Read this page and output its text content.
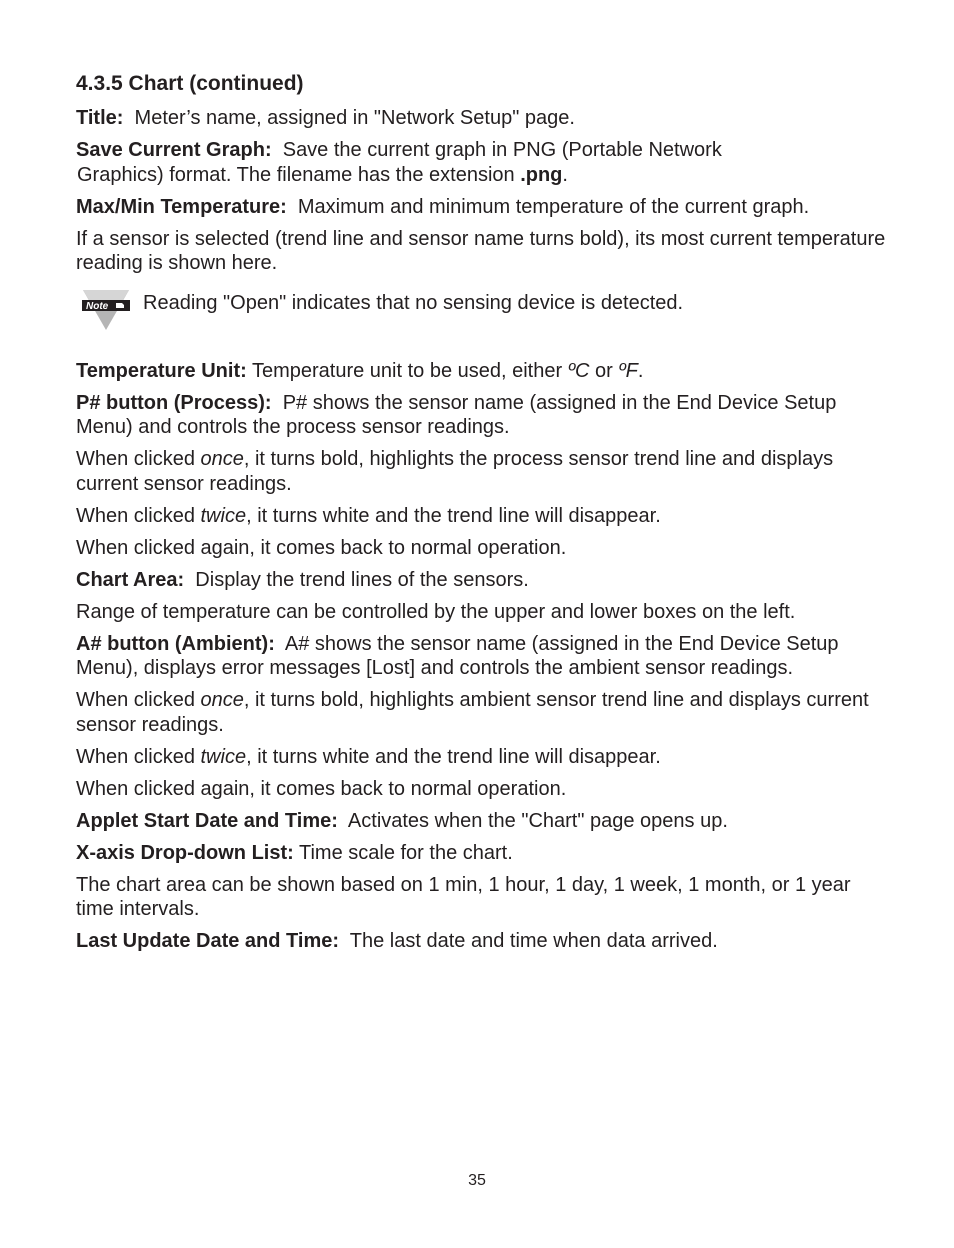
4.3.5 Chart (continued)

Title:  Meter’s name, assigned in "Network Setup" page.

Save Current Graph:  Save the current graph in PNG (Portable Network
Graphics) format. The filename has the extension .png.

Max/Min Temperature:  Maximum and minimum temperature of the current graph.

If a sensor is selected (trend line and sensor name turns bold), its most current temperature reading is shown here.

Note Reading "Open" indicates that no sensing device is detected.

Temperature Unit: Temperature unit to be used, either ºC or ºF.

P# button (Process):  P# shows the sensor name (assigned in the End Device Setup Menu) and controls the process sensor readings.

When clicked once, it turns bold, highlights the process sensor trend line and displays current sensor readings.

When clicked twice, it turns white and the trend line will disappear.

When clicked again, it comes back to normal operation.

Chart Area:  Display the trend lines of the sensors.

Range of temperature can be controlled by the upper and lower boxes on the left.

A# button (Ambient):  A# shows the sensor name (assigned in the End Device Setup Menu), displays error messages [Lost] and controls the ambient sensor readings.

When clicked once, it turns bold, highlights ambient sensor trend line and displays current sensor readings.

When clicked twice, it turns white and the trend line will disappear.

When clicked again, it comes back to normal operation.

Applet Start Date and Time:  Activates when the "Chart" page opens up.

X-axis Drop-down List: Time scale for the chart.

The chart area can be shown based on 1 min, 1 hour, 1 day, 1 week, 1 month, or 1 year time intervals.

Last Update Date and Time:  The last date and time when data arrived.

35
